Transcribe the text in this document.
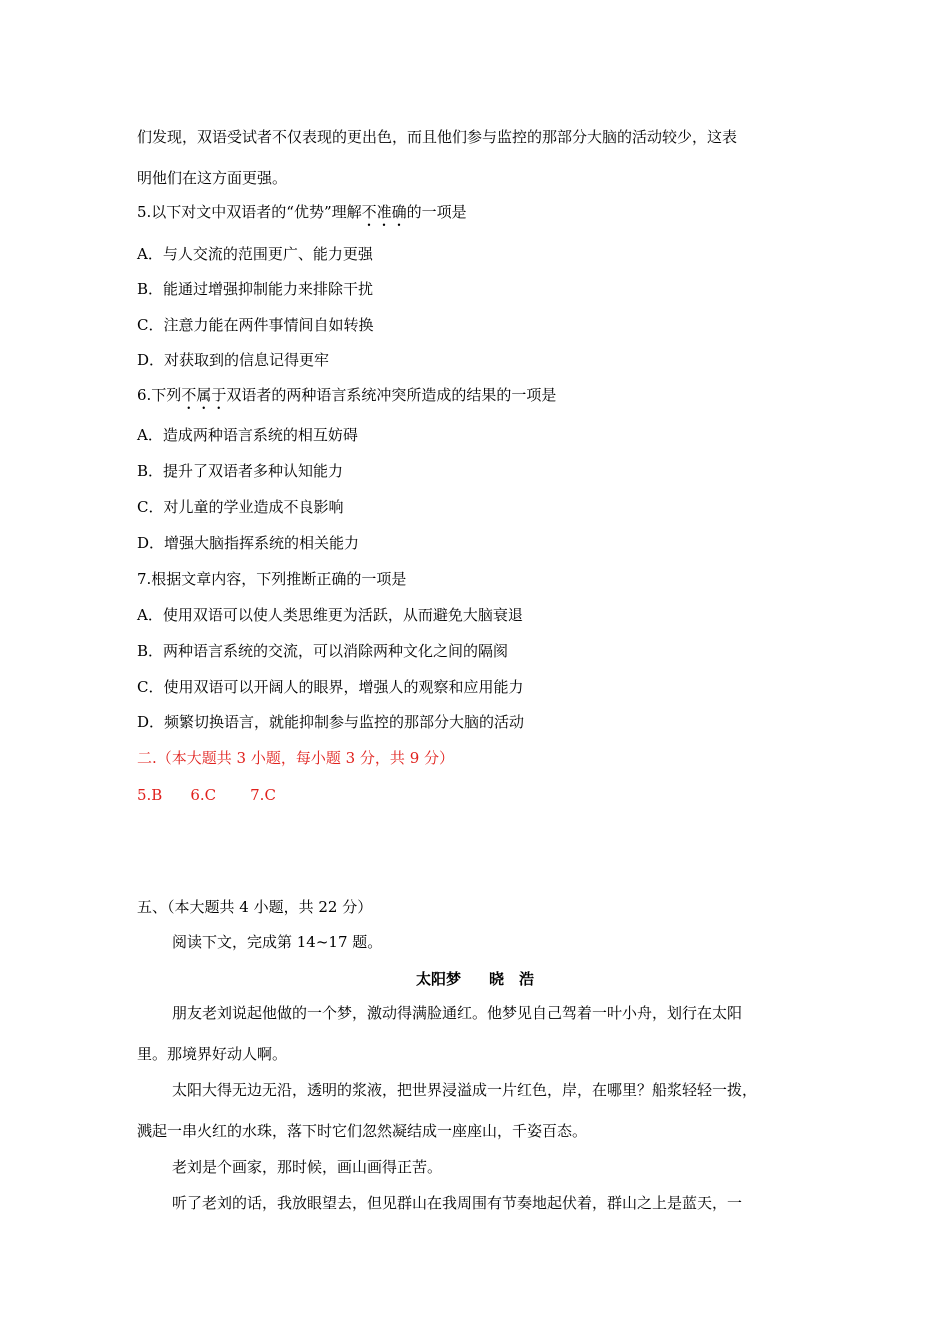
们发现，双语受试者不仅表现的更出色，而且他们参与监控的那部分大脑的活动较少，这表
明他们在这方面更强。
5.以下对文中双语者的“优势”理解不准确的一项是
A．与人交流的范围更广、能力更强
B．能通过增强抑制能力来排除干扰
C．注意力能在两件事情间自如转换
D．对获取到的信息记得更牢
6.下列不属于双语者的两种语言系统冲突所造成的结果的一项是
A．造成两种语言系统的相互妨碍
B．提升了双语者多种认知能力
C．对儿童的学业造成不良影响
D．增强大脑指挥系统的相关能力
7.根据文章内容，下列推断正确的一项是
A．使用双语可以使人类思维更为活跃，从而避免大脑衰退
B．两种语言系统的交流，可以消除两种文化之间的隔阂
C．使用双语可以开阔人的眼界，增强人的观察和应用能力
D．频繁切换语言，就能抑制参与监控的那部分大脑的活动
二.（本大题共 3 小题，每小题 3 分，共 9 分）
5.B 6.C 7.C
五、（本大题共 4 小题，共 22 分）
阅读下文，完成第 14~17 题。
太阳梦 晓　浩
朋友老刘说起他做的一个梦，激动得满脸通红。他梦见自己驾着一叶小舟，划行在太阳
里。那境界好动人啊。
太阳大得无边无沿，透明的浆液，把世界浸溢成一片红色，岸，在哪里？船浆轻轻一拨，
溅起一串火红的水珠，落下时它们忽然凝结成一座座山，千姿百态。
老刘是个画家，那时候，画山画得正苦。
听了老刘的话，我放眼望去，但见群山在我周围有节奏地起伏着，群山之上是蓝天，一
